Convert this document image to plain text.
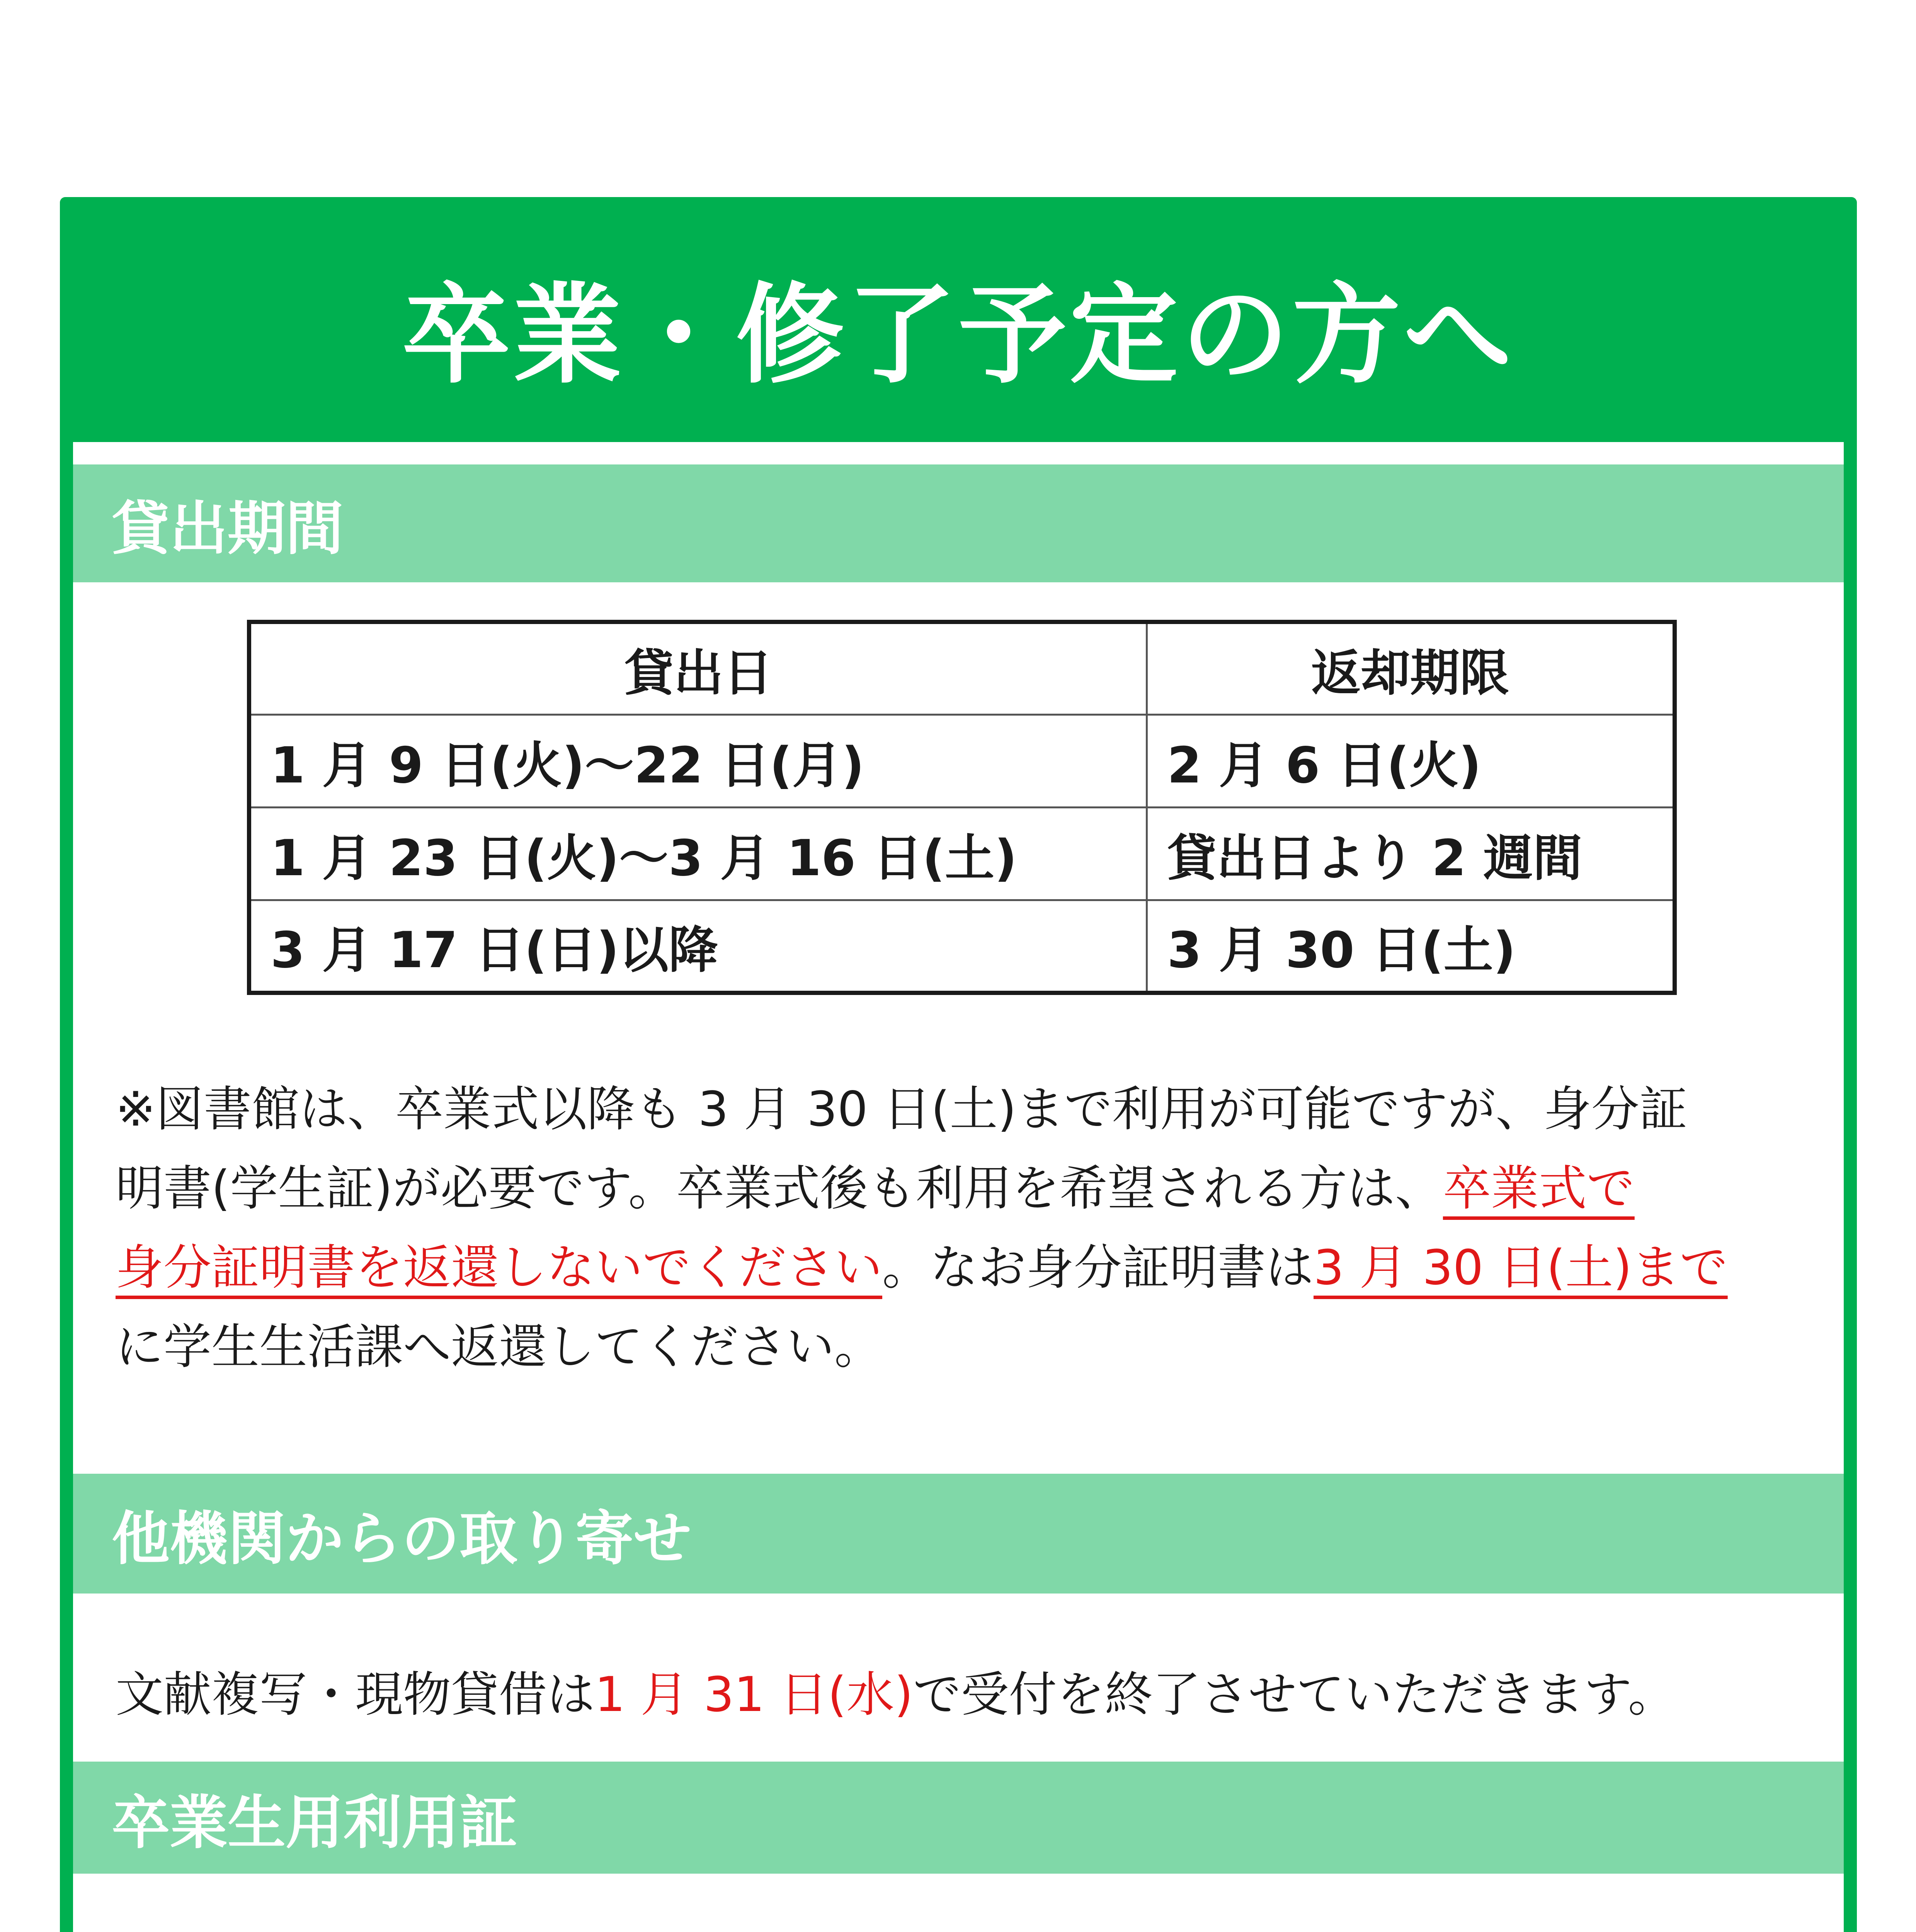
卒業・修了予定の方へ
貸出期間
貸出日	返却期限
1 月 9 日(火)～22 日(月)	2 月 6 日(火)
1 月 23 日(火)～3 月 16 日(土)	貸出日より 2 週間
3 月 17 日(日)以降	3 月 30 日(土)
※図書館は、卒業式以降も 3 月 30 日(土)まで利用が可能ですが、身分証
明書(学生証)が必要です。卒業式後も利用を希望される方は、卒業式で
身分証明書を返還しないでください。なお身分証明書は3 月 30 日(土)まで
に学生生活課へ返還してください。
他機関からの取り寄せ
文献複写・現物貸借は1 月 31 日(水)で受付を終了させていただきます。
卒業生用利用証
